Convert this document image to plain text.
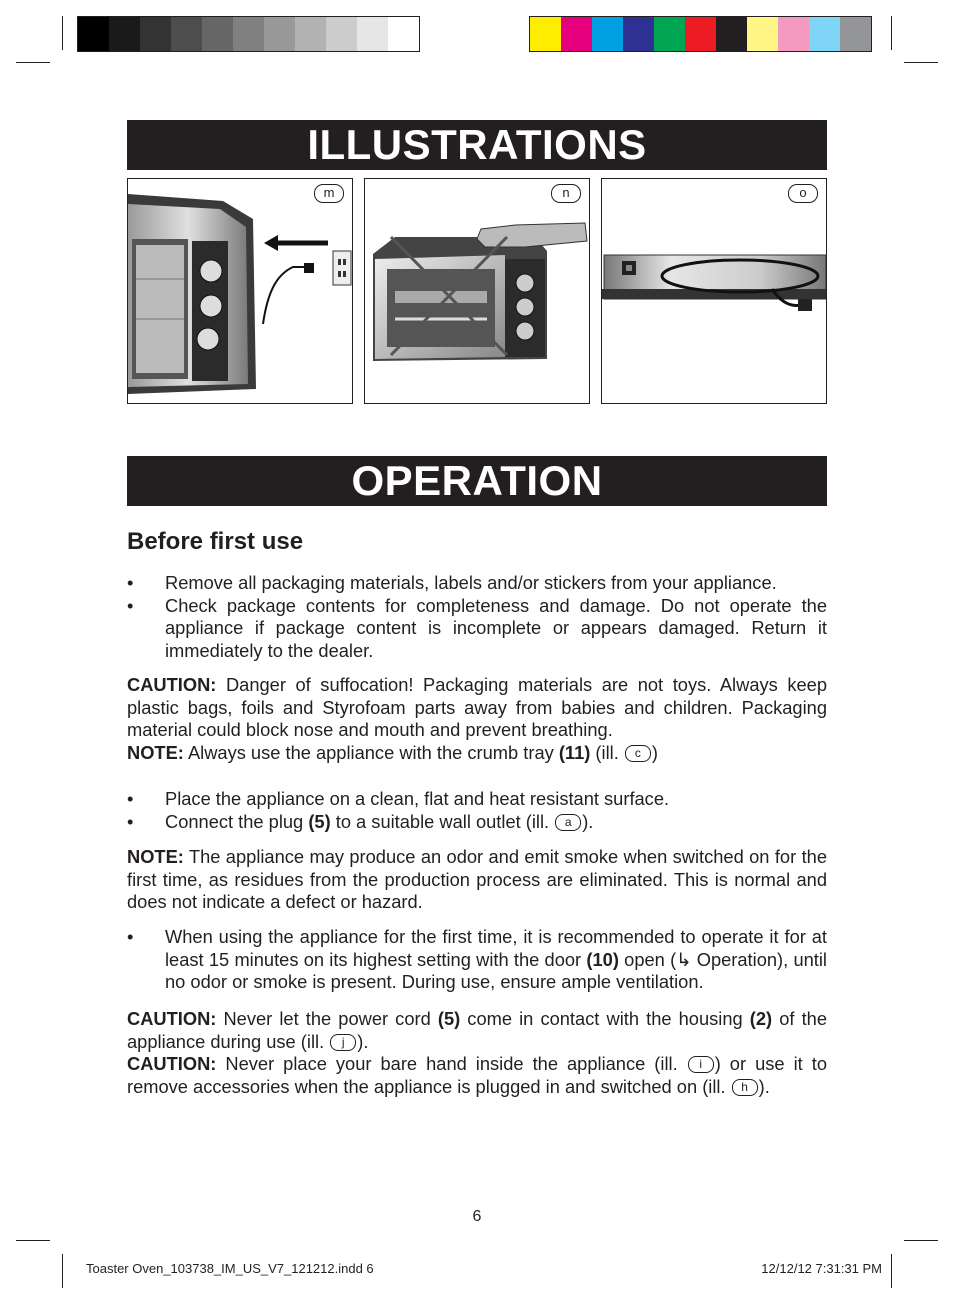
ILLUSTRATIONS
m	n	o
OPERATION
Before first use
• Remove all packaging materials, labels and/or stickers from your appliance.
• Check package contents for completeness and damage. Do not operate the appliance if package content is incomplete or appears damaged. Return it immediately to the dealer.
CAUTION: Danger of suffocation! Packaging materials are not toys. Always keep plastic bags, foils and Styrofoam parts away from babies and children. Packaging material could block nose and mouth and prevent breathing.
NOTE: Always use the appliance with the crumb tray (11) (ill. c )
• Place the appliance on a clean, flat and heat resistant surface.
• Connect the plug (5) to a suitable wall outlet (ill. a ).
NOTE: The appliance may produce an odor and emit smoke when switched on for the first time, as residues from the production process are eliminated. This is normal and does not indicate a defect or hazard.
• When using the appliance for the first time, it is recommended to operate it for at least 15 minutes on its highest setting with the door (10) open (↳ Operation), until no odor or smoke is present. During use, ensure ample ventilation.
CAUTION: Never let the power cord (5) come in contact with the housing (2) of the appliance during use (ill. j ).
CAUTION: Never place your bare hand inside the appliance (ill. i ) or use it to remove accessories when the appliance is plugged in and switched on (ill. h ).
6
Toaster Oven_103738_IM_US_V7_121212.indd 6	12/12/12 7:31:31 PM
